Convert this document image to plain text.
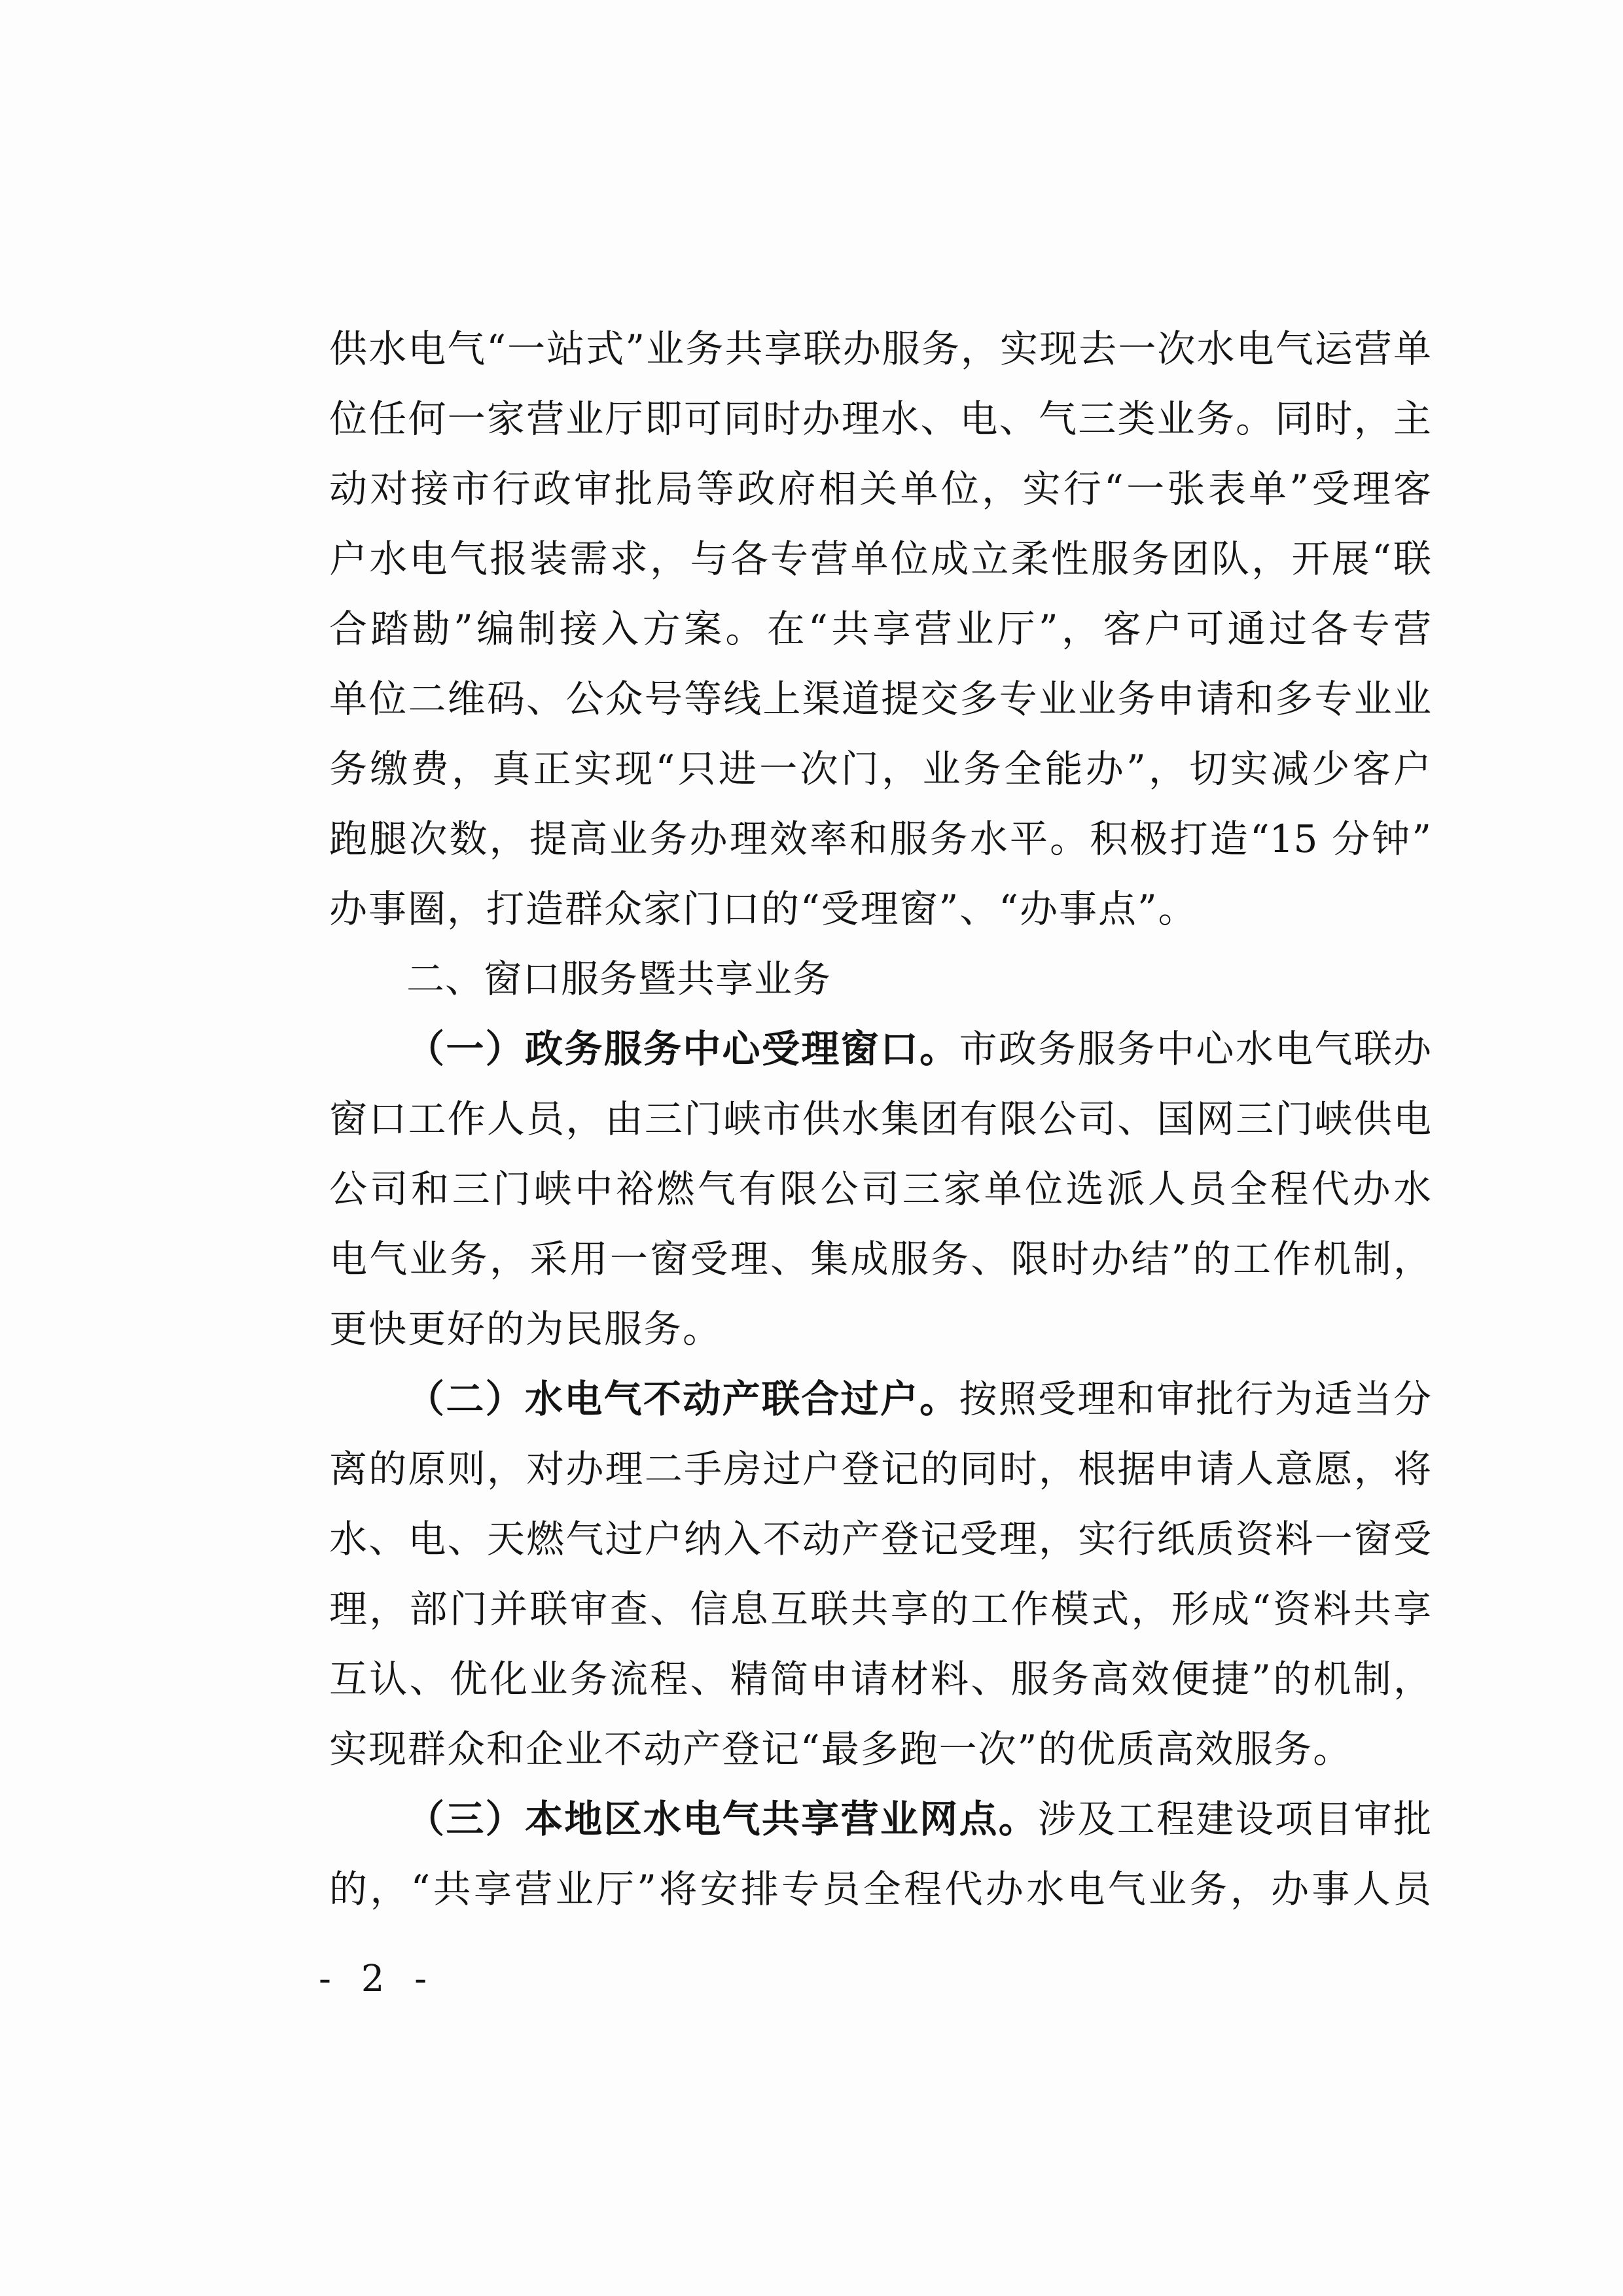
供水电气“一站式”业务共享联办服务，实现去一次水电气运营单
位任何一家营业厅即可同时办理水、电、气三类业务。同时，主
动对接市行政审批局等政府相关单位，实行“一张表单”受理客
户水电气报装需求，与各专营单位成立柔性服务团队，开展“联
合踏勘”编制接入方案。在“共享营业厅”，客户可通过各专营
单位二维码、公众号等线上渠道提交多专业业务申请和多专业业
务缴费，真正实现“只进一次门，业务全能办”，切实减少客户
跑腿次数，提高业务办理效率和服务水平。积极打造“15 分钟”
办事圈，打造群众家门口的“受理窗”、“办事点”。
二、窗口服务暨共享业务
（一）政务服务中心受理窗口。市政务服务中心水电气联办
窗口工作人员，由三门峡市供水集团有限公司、国网三门峡供电
公司和三门峡中裕燃气有限公司三家单位选派人员全程代办水
电气业务，采用一窗受理、集成服务、限时办结”的工作机制，
更快更好的为民服务。
（二）水电气不动产联合过户。按照受理和审批行为适当分
离的原则，对办理二手房过户登记的同时，根据申请人意愿，将
水、电、天燃气过户纳入不动产登记受理，实行纸质资料一窗受
理，部门并联审查、信息互联共享的工作模式，形成“资料共享
互认、优化业务流程、精简申请材料、服务高效便捷”的机制，
实现群众和企业不动产登记“最多跑一次”的优质高效服务。
（三）本地区水电气共享营业网点。涉及工程建设项目审批
的，“共享营业厅”将安排专员全程代办水电气业务，办事人员
- 2 -
